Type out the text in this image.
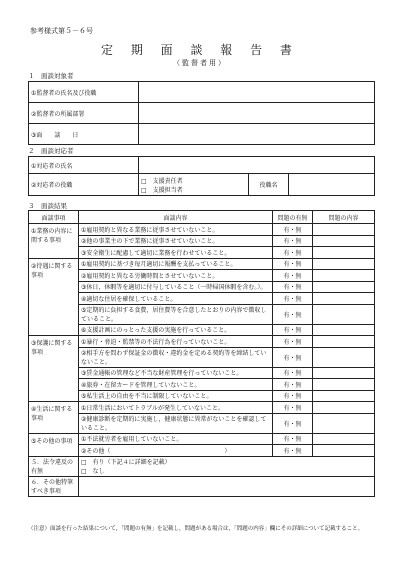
参考様式第５－６号
定 期 面 談 報 告 書
（監督者用）
１　面談対象者
①監督者の氏名及び役職	
②監督者の所属部署	
③面　　談　　日	
２　面談対応者
①対応者の氏名			
②対応者の役職	□　支援責任者
□　支援担当者	役職名	
３　面談結果
面談事項	面談内容	問題の有無	問題の内容
①業務の内容に関する事項	①雇用契約と異なる業務に従事させていないこと。	有・無	
	②他の事業主の下で業務に従事させていないこと。	有・無	
	③安全衛生に配慮して適切に業務を行わせていること。	有・無	
②待遇に関する事項	①雇用契約に基づき毎月適切に報酬を支払っていること。	有・無	
	②雇用契約と異なる労働時間とさせていないこと。	有・無	
	③休日，休暇等を適切に付与していること（一時帰国休暇を含む。）。	有・無	
	④適切な住居を確保していること。	有・無	
	⑤定期的に負担する食費，居住費等を合意したとおりの内容で徴収していること。	有・無	
	⑥支援計画にのっとった支援の実施を行っていること。	有・無	
③保護に関する事項	①暴行・脅迫・監禁等の不法行為を行っていないこと。	有・無	
	②相手方を問わず保証金の徴収・違約金を定める契約等を締結していないこと。	有・無	
	③賃金通帳の管理など不当な財産管理を行っていないこと。	有・無	
	④旅券・在留カードを管理していないこと。	有・無	
	⑤私生活上の自由を不当に制限していないこと。	有・無	
④生活に関する事項	①日常生活においてトラブルが発生していないこと。	有・無	
	②健康診断を定期的に実施し，健康状態に異常がないことを確認していること。	有・無	
⑤その他の事項	①不法就労者を雇用していないこと。	有・無	
	②その他（　　　　　　　　　　　　　　　　　　　）	有・無	
５．法令違反の有無	□　有り（下記４に詳細を記載）
□　なし		

６．その他特筆すべき事項			
（注意）面談を行った結果について，「問題の有無」を記載し，問題がある場合は，「問題の内容」欄にその詳細について記載すること。
